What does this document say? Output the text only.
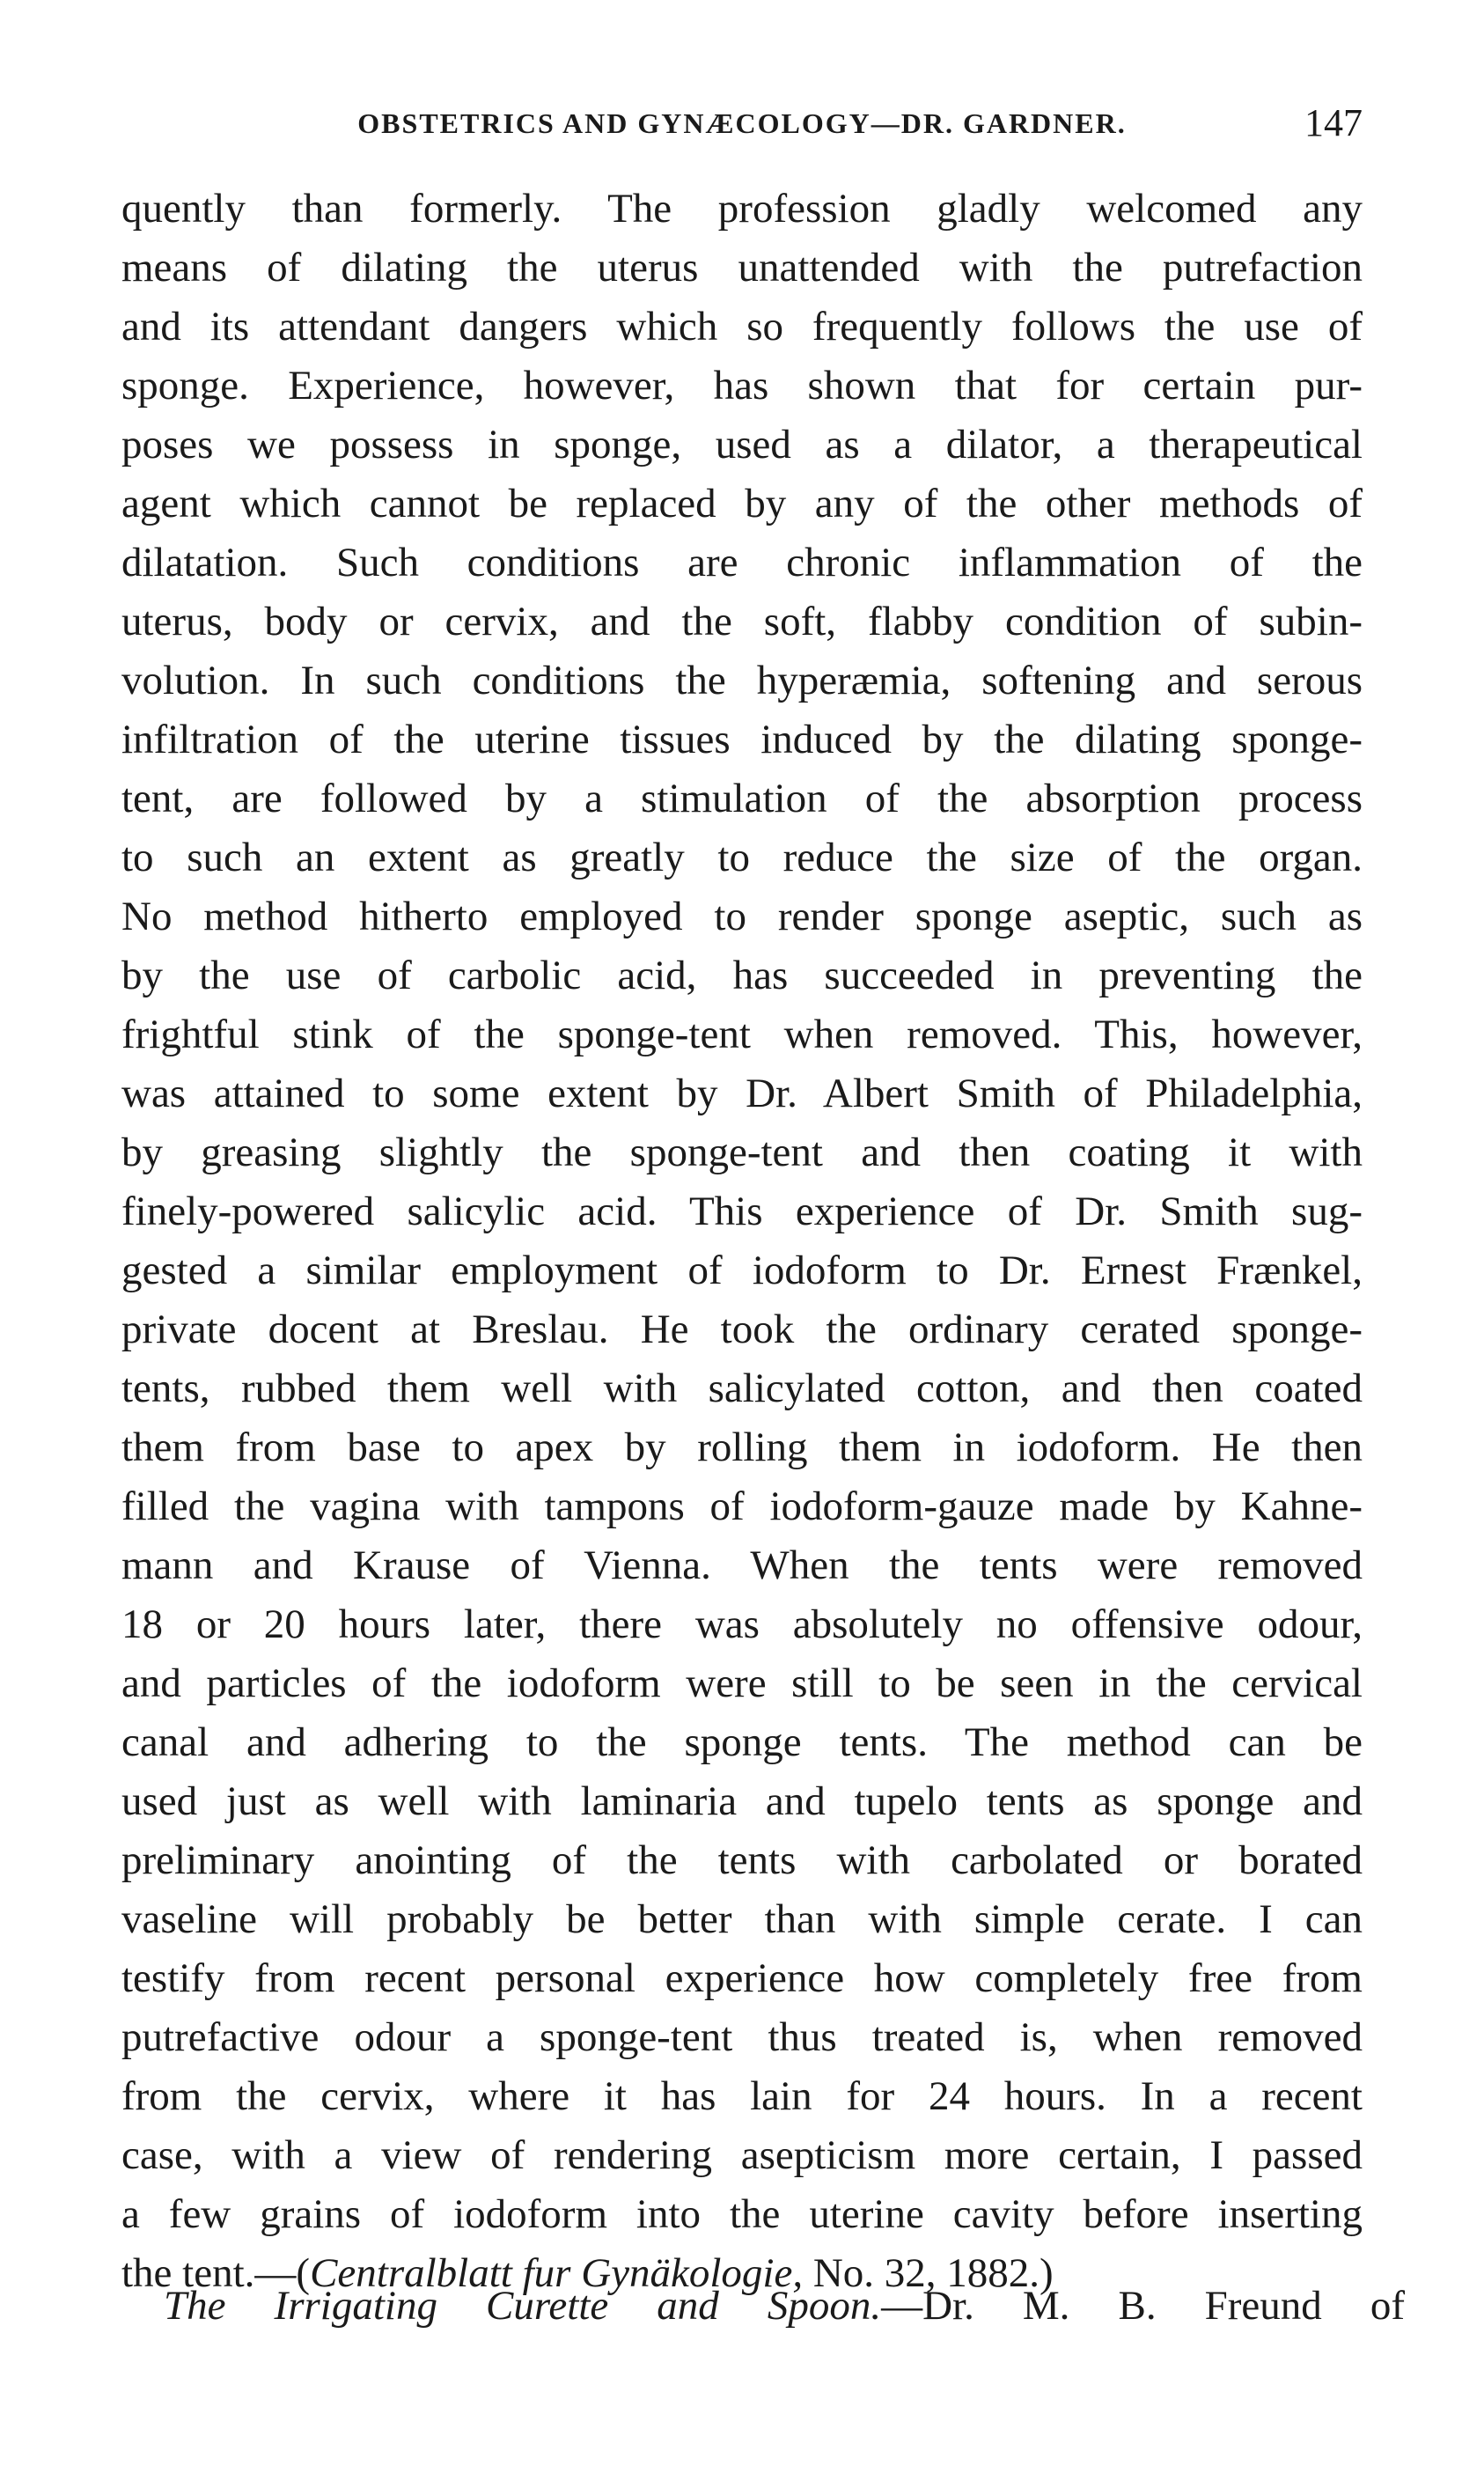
OBSTETRICS AND GYNÆCOLOGY—DR. GARDNER.	147
quently than formerly. The profession gladly welcomed any
means of dilating the uterus unattended with the putrefaction
and its attendant dangers which so frequently follows the use of
sponge. Experience, however, has shown that for certain pur-
poses we possess in sponge, used as a dilator, a therapeutical
agent which cannot be replaced by any of the other methods of
dilatation. Such conditions are chronic inflammation of the
uterus, body or cervix, and the soft, flabby condition of subin-
volution. In such conditions the hyperæmia, softening and serous
infiltration of the uterine tissues induced by the dilating sponge-
tent, are followed by a stimulation of the absorption process
to such an extent as greatly to reduce the size of the organ.
No method hitherto employed to render sponge aseptic, such as
by the use of carbolic acid, has succeeded in preventing the
frightful stink of the sponge-tent when removed. This, however,
was attained to some extent by Dr. Albert Smith of Philadelphia,
by greasing slightly the sponge-tent and then coating it with
finely-powered salicylic acid. This experience of Dr. Smith sug-
gested a similar employment of iodoform to Dr. Ernest Frænkel,
private docent at Breslau. He took the ordinary cerated sponge-
tents, rubbed them well with salicylated cotton, and then coated
them from base to apex by rolling them in iodoform. He then
filled the vagina with tampons of iodoform-gauze made by Kahne-
mann and Krause of Vienna. When the tents were removed
18 or 20 hours later, there was absolutely no offensive odour,
and particles of the iodoform were still to be seen in the cervical
canal and adhering to the sponge tents. The method can be
used just as well with laminaria and tupelo tents as sponge and
preliminary anointing of the tents with carbolated or borated
vaseline will probably be better than with simple cerate. I can
testify from recent personal experience how completely free from
putrefactive odour a sponge-tent thus treated is, when removed
from the cervix, where it has lain for 24 hours. In a recent
case, with a view of rendering asepticism more certain, I passed
a few grains of iodoform into the uterine cavity before inserting
the tent.—(Centralblatt fur Gynäkologie, No. 32, 1882.)
The Irrigating Curette and Spoon.—Dr. M. B. Freund of
